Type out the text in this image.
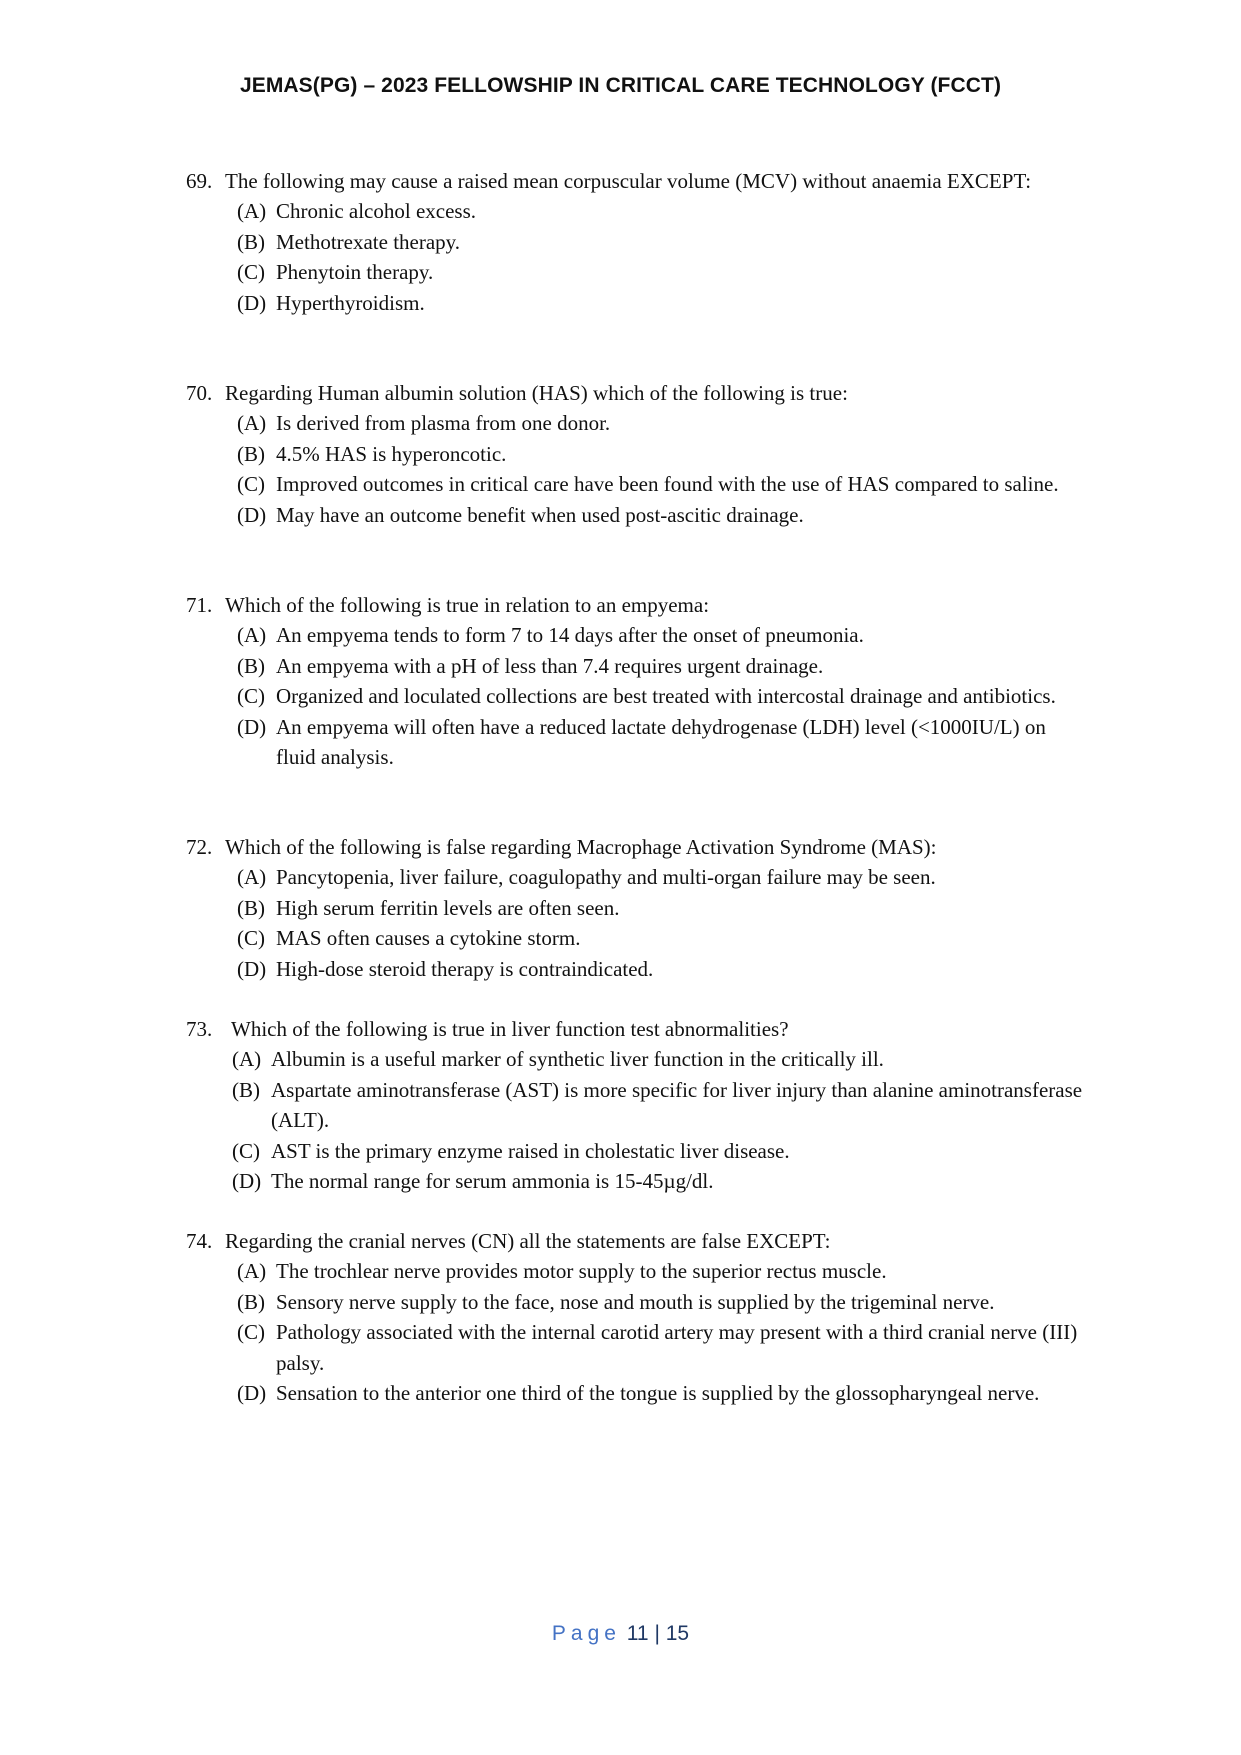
JEMAS(PG) – 2023 FELLOWSHIP IN CRITICAL CARE TECHNOLOGY (FCCT)
69. The following may cause a raised mean corpuscular volume (MCV) without anaemia EXCEPT:
(A) Chronic alcohol excess.
(B) Methotrexate therapy.
(C) Phenytoin therapy.
(D) Hyperthyroidism.
70. Regarding Human albumin solution (HAS) which of the following is true:
(A) Is derived from plasma from one donor.
(B) 4.5% HAS is hyperoncotic.
(C) Improved outcomes in critical care have been found with the use of HAS compared to saline.
(D) May have an outcome benefit when used post-ascitic drainage.
71. Which of the following is true in relation to an empyema:
(A) An empyema tends to form 7 to 14 days after the onset of pneumonia.
(B) An empyema with a pH of less than 7.4 requires urgent drainage.
(C) Organized and loculated collections are best treated with intercostal drainage and antibiotics.
(D) An empyema will often have a reduced lactate dehydrogenase (LDH) level (<1000IU/L) on fluid analysis.
72. Which of the following is false regarding Macrophage Activation Syndrome (MAS):
(A) Pancytopenia, liver failure, coagulopathy and multi-organ failure may be seen.
(B) High serum ferritin levels are often seen.
(C) MAS often causes a cytokine storm.
(D) High-dose steroid therapy is contraindicated.
73. Which of the following is true in liver function test abnormalities?
(A) Albumin is a useful marker of synthetic liver function in the critically ill.
(B) Aspartate aminotransferase (AST) is more specific for liver injury than alanine aminotransferase (ALT).
(C) AST is the primary enzyme raised in cholestatic liver disease.
(D) The normal range for serum ammonia is 15-45µg/dl.
74. Regarding the cranial nerves (CN) all the statements are false EXCEPT:
(A) The trochlear nerve provides motor supply to the superior rectus muscle.
(B) Sensory nerve supply to the face, nose and mouth is supplied by the trigeminal nerve.
(C) Pathology associated with the internal carotid artery may present with a third cranial nerve (III) palsy.
(D) Sensation to the anterior one third of the tongue is supplied by the glossopharyngeal nerve.
Page 11 | 15
